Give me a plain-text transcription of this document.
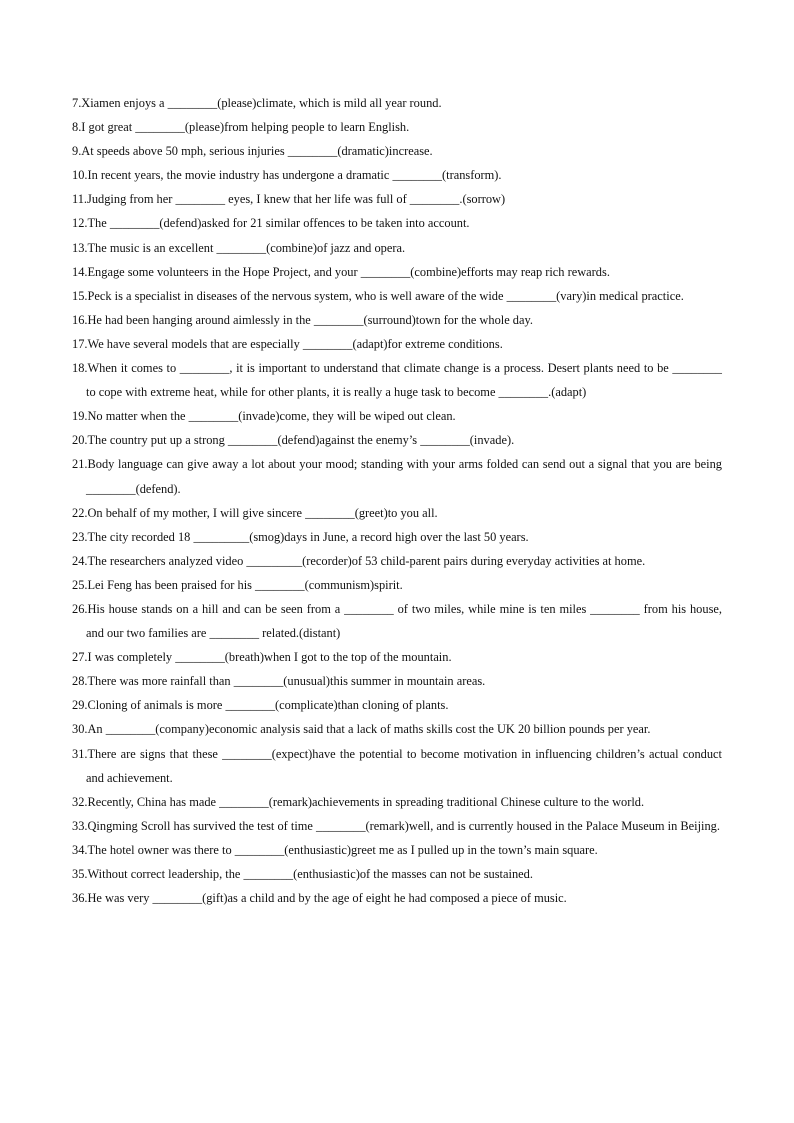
7.Xiamen enjoys a ________(please)climate, which is mild all year round.

8.I got great ________(please)from helping people to learn English.

9.At speeds above 50 mph, serious injuries ________(dramatic)increase.

10.In recent years, the movie industry has undergone a dramatic ________(transform).

11.Judging from her ________ eyes, I knew that her life was full of ________.(sorrow)

12.The ________(defend)asked for 21 similar offences to be taken into account.

13.The music is an excellent ________(combine)of jazz and opera.

14.Engage some volunteers in the Hope Project, and your ________(combine)efforts may reap rich rewards.

15.Peck is a specialist in diseases of the nervous system, who is well aware of the wide ________(vary)in medical practice.

16.He had been hanging around aimlessly in the ________(surround)town for the whole day.

17.We have several models that are especially ________(adapt)for extreme conditions.

18.When it comes to ________, it is important to understand that climate change is a process. Desert plants need to be ________ to cope with extreme heat, while for other plants, it is really a huge task to become ________.(adapt)

19.No matter when the ________(invade)come, they will be wiped out clean.

20.The country put up a strong ________(defend)against the enemy’s ________(invade).

21.Body language can give away a lot about your mood; standing with your arms folded can send out a signal that you are being ________(defend).

22.On behalf of my mother, I will give sincere ________(greet)to you all.

23.The city recorded 18 _________(smog)days in June, a record high over the last 50 years.

24.The researchers analyzed video _________(recorder)of 53 child-parent pairs during everyday activities at home.

25.Lei Feng has been praised for his ________(communism)spirit.

26.His house stands on a hill and can be seen from a ________ of two miles, while mine is ten miles ________ from his house, and our two families are ________ related.(distant)

27.I was completely ________(breath)when I got to the top of the mountain.

28.There was more rainfall than ________(unusual)this summer in mountain areas.

29.Cloning of animals is more ________(complicate)than cloning of plants.

30.An ________(company)economic analysis said that a lack of maths skills cost the UK 20 billion pounds per year.

31.There are signs that these ________(expect)have the potential to become motivation in influencing children’s actual conduct and achievement.

32.Recently, China has made ________(remark)achievements in spreading traditional Chinese culture to the world.

33.Qingming Scroll has survived the test of time ________(remark)well, and is currently housed in the Palace Museum in Beijing.

34.The hotel owner was there to ________(enthusiastic)greet me as I pulled up in the town’s main square.

35.Without correct leadership, the ________(enthusiastic)of the masses can not be sustained.

36.He was very ________(gift)as a child and by the age of eight he had composed a piece of music.
